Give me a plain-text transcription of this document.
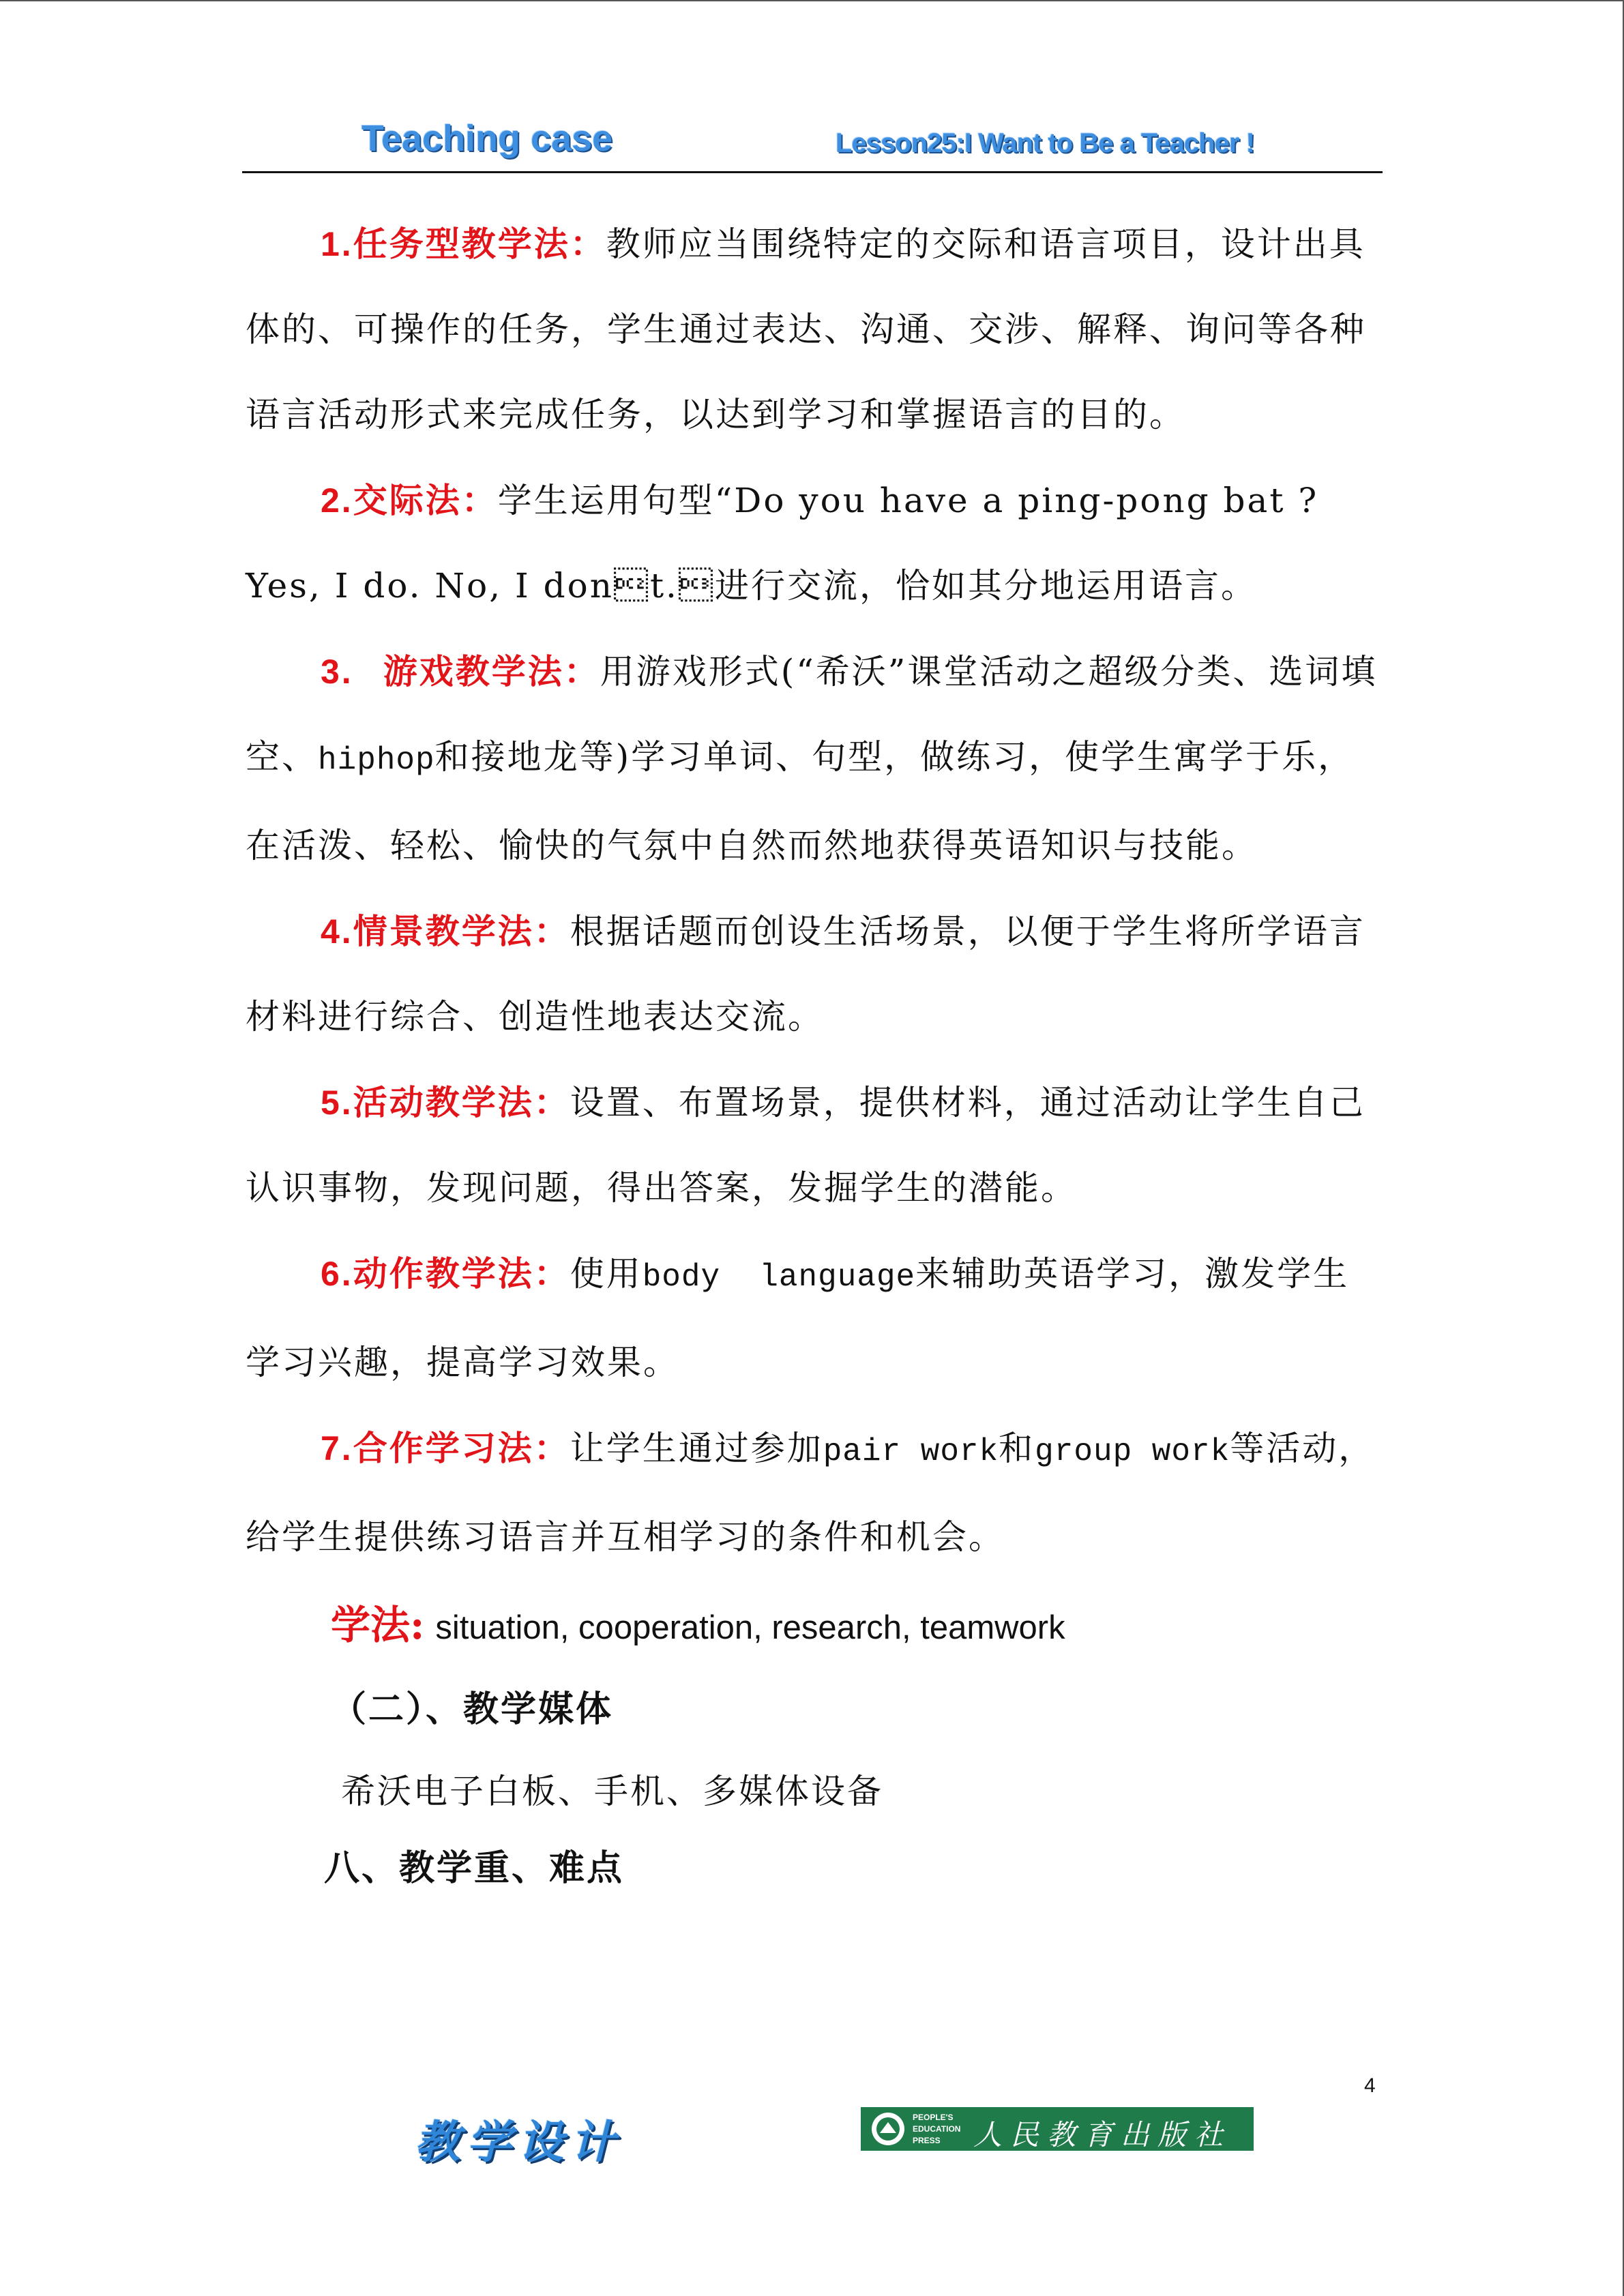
Teaching case	Lesson25:I Want to Be a Teacher !

1.任务型教学法：教师应当围绕特定的交际和语言项目，设计出具体的、可操作的任务，学生通过表达、沟通、交涉、解释、询问等各种语言活动形式来完成任务，以达到学习和掌握语言的目的。

2.交际法：学生运用句型“Do you have a ping-pong bat ? Yes, I do. No, I dont.进行交流，恰如其分地运用语言。

3. 游戏教学法：用游戏形式(“希沃”课堂活动之超级分类、选词填空、hiphop和接地龙等)学习单词、句型，做练习，使学生寓学于乐，在活泼、轻松、愉快的气氛中自然而然地获得英语知识与技能。

4.情景教学法：根据话题而创设生活场景，以便于学生将所学语言材料进行综合、创造性地表达交流。

5.活动教学法：设置、布置场景，提供材料，通过活动让学生自己认识事物，发现问题，得出答案，发掘学生的潜能。

6.动作教学法：使用body  language来辅助英语学习，激发学生学习兴趣，提高学习效果。

7.合作学习法：让学生通过参加pair work和group work等活动，给学生提供练习语言并互相学习的条件和机会。

学法: situation, cooperation, research, teamwork

（二）、教学媒体

希沃电子白板、手机、多媒体设备

八、教学重、难点

4
教学设计	PEOPLE'S
EDUCATION
PRESS 人民教育出版社
